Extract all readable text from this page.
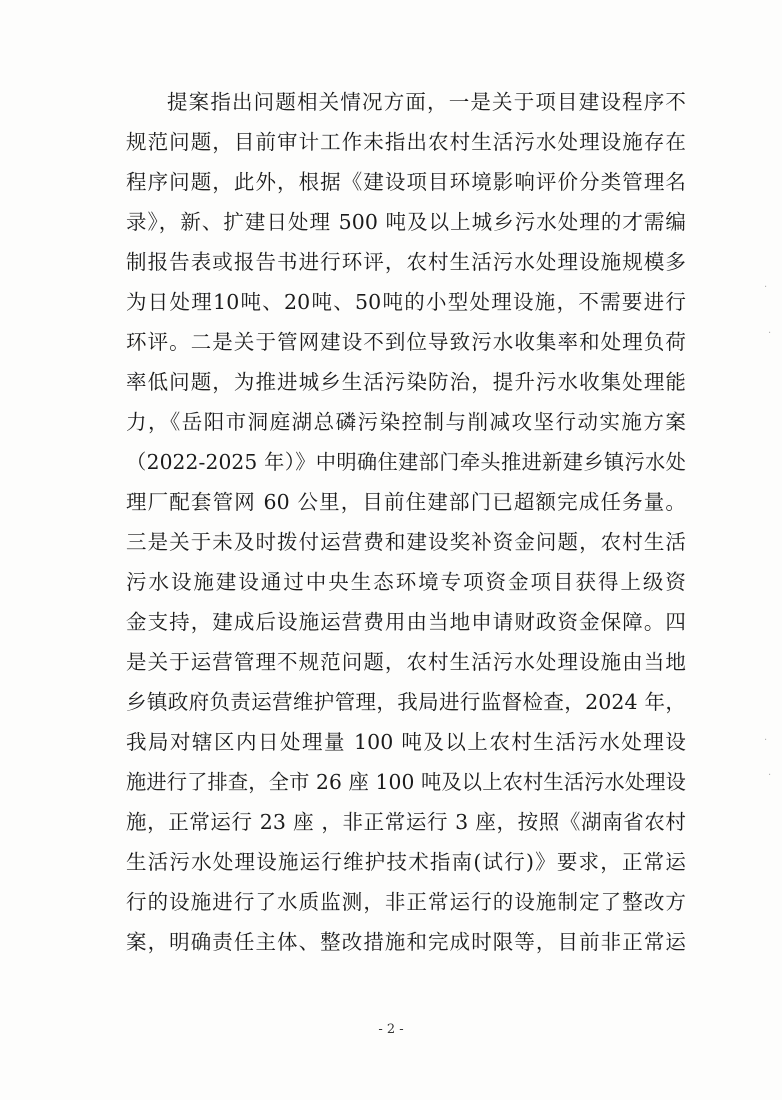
提案指出问题相关情况方面，一是关于项目建设程序不
规范问题，目前审计工作未指出农村生活污水处理设施存在
程序问题，此外，根据《建设项目环境影响评价分类管理名
录》，新、扩建日处理 500 吨及以上城乡污水处理的才需编
制报告表或报告书进行环评，农村生活污水处理设施规模多
为日处理10吨、20吨、50吨的小型处理设施，不需要进行
环评。二是关于管网建设不到位导致污水收集率和处理负荷
率低问题，为推进城乡生活污染防治，提升污水收集处理能
力，《岳阳市洞庭湖总磷污染控制与削减攻坚行动实施方案
（2022-2025 年）》中明确住建部门牵头推进新建乡镇污水处
理厂配套管网 60 公里，目前住建部门已超额完成任务量。
三是关于未及时拨付运营费和建设奖补资金问题，农村生活
污水设施建设通过中央生态环境专项资金项目获得上级资
金支持，建成后设施运营费用由当地申请财政资金保障。四
是关于运营管理不规范问题，农村生活污水处理设施由当地
乡镇政府负责运营维护管理，我局进行监督检查，2024 年，
我局对辖区内日处理量 100 吨及以上农村生活污水处理设
施进行了排查，全市 26 座 100 吨及以上农村生活污水处理设
施，正常运行 23 座 ，非正常运行 3 座，按照《湖南省农村
生活污水处理设施运行维护技术指南(试行)》要求，正常运
行的设施进行了水质监测，非正常运行的设施制定了整改方
案，明确责任主体、整改措施和完成时限等，目前非正常运
- 2 -
·
·
·
·
